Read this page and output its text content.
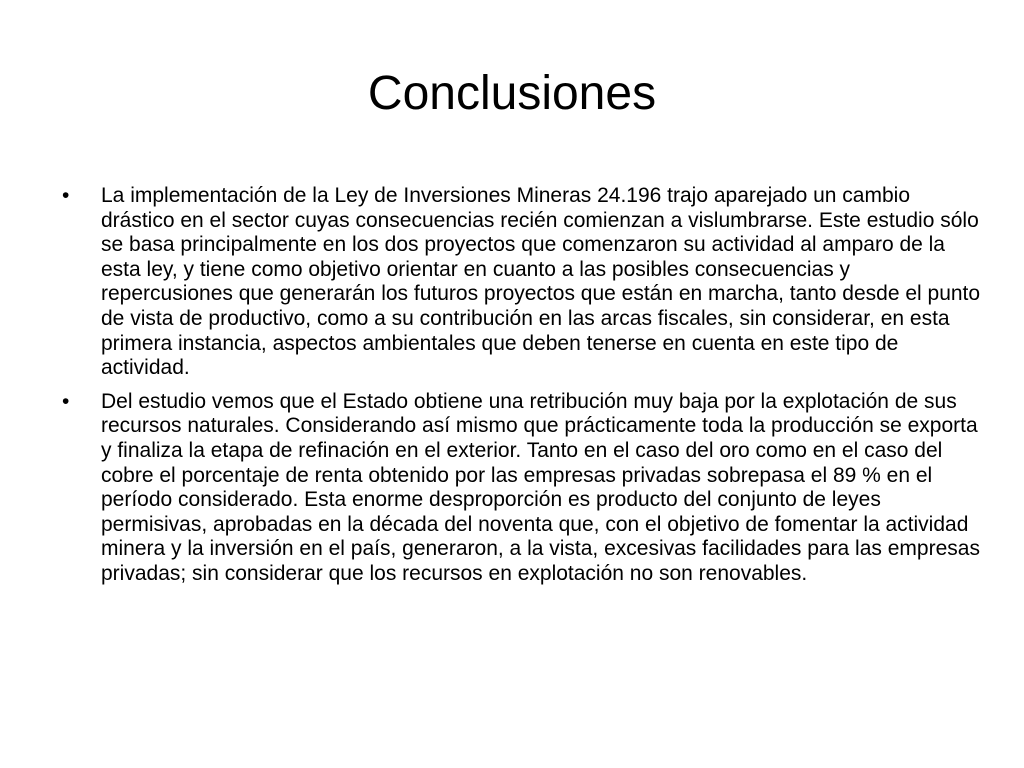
Conclusiones
•	La implementación de la Ley de Inversiones Mineras 24.196 trajo aparejado un cambio drástico en el sector cuyas consecuencias recién comienzan a vislumbrarse. Este estudio sólo se basa principalmente en los dos proyectos que comenzaron su actividad al amparo de la esta ley, y tiene como objetivo orientar en cuanto a las posibles consecuencias y repercusiones que generarán los futuros proyectos que están en marcha, tanto desde el punto de vista de productivo, como a su contribución en las arcas fiscales, sin considerar, en esta primera instancia, aspectos ambientales que deben tenerse en cuenta en este tipo de actividad.
•	Del estudio vemos que el Estado obtiene una retribución muy baja por la explotación de sus recursos naturales. Considerando así mismo que prácticamente toda la producción se exporta y finaliza la etapa de refinación en el exterior. Tanto en el caso del oro como en el caso del cobre el porcentaje de renta obtenido por las empresas privadas sobrepasa el 89 % en el período considerado. Esta enorme desproporción es producto del conjunto de leyes permisivas, aprobadas en la década del noventa que, con el objetivo de fomentar la actividad minera y la inversión en el país, generaron, a la vista, excesivas facilidades para las empresas privadas; sin considerar que los recursos en explotación no son renovables.
